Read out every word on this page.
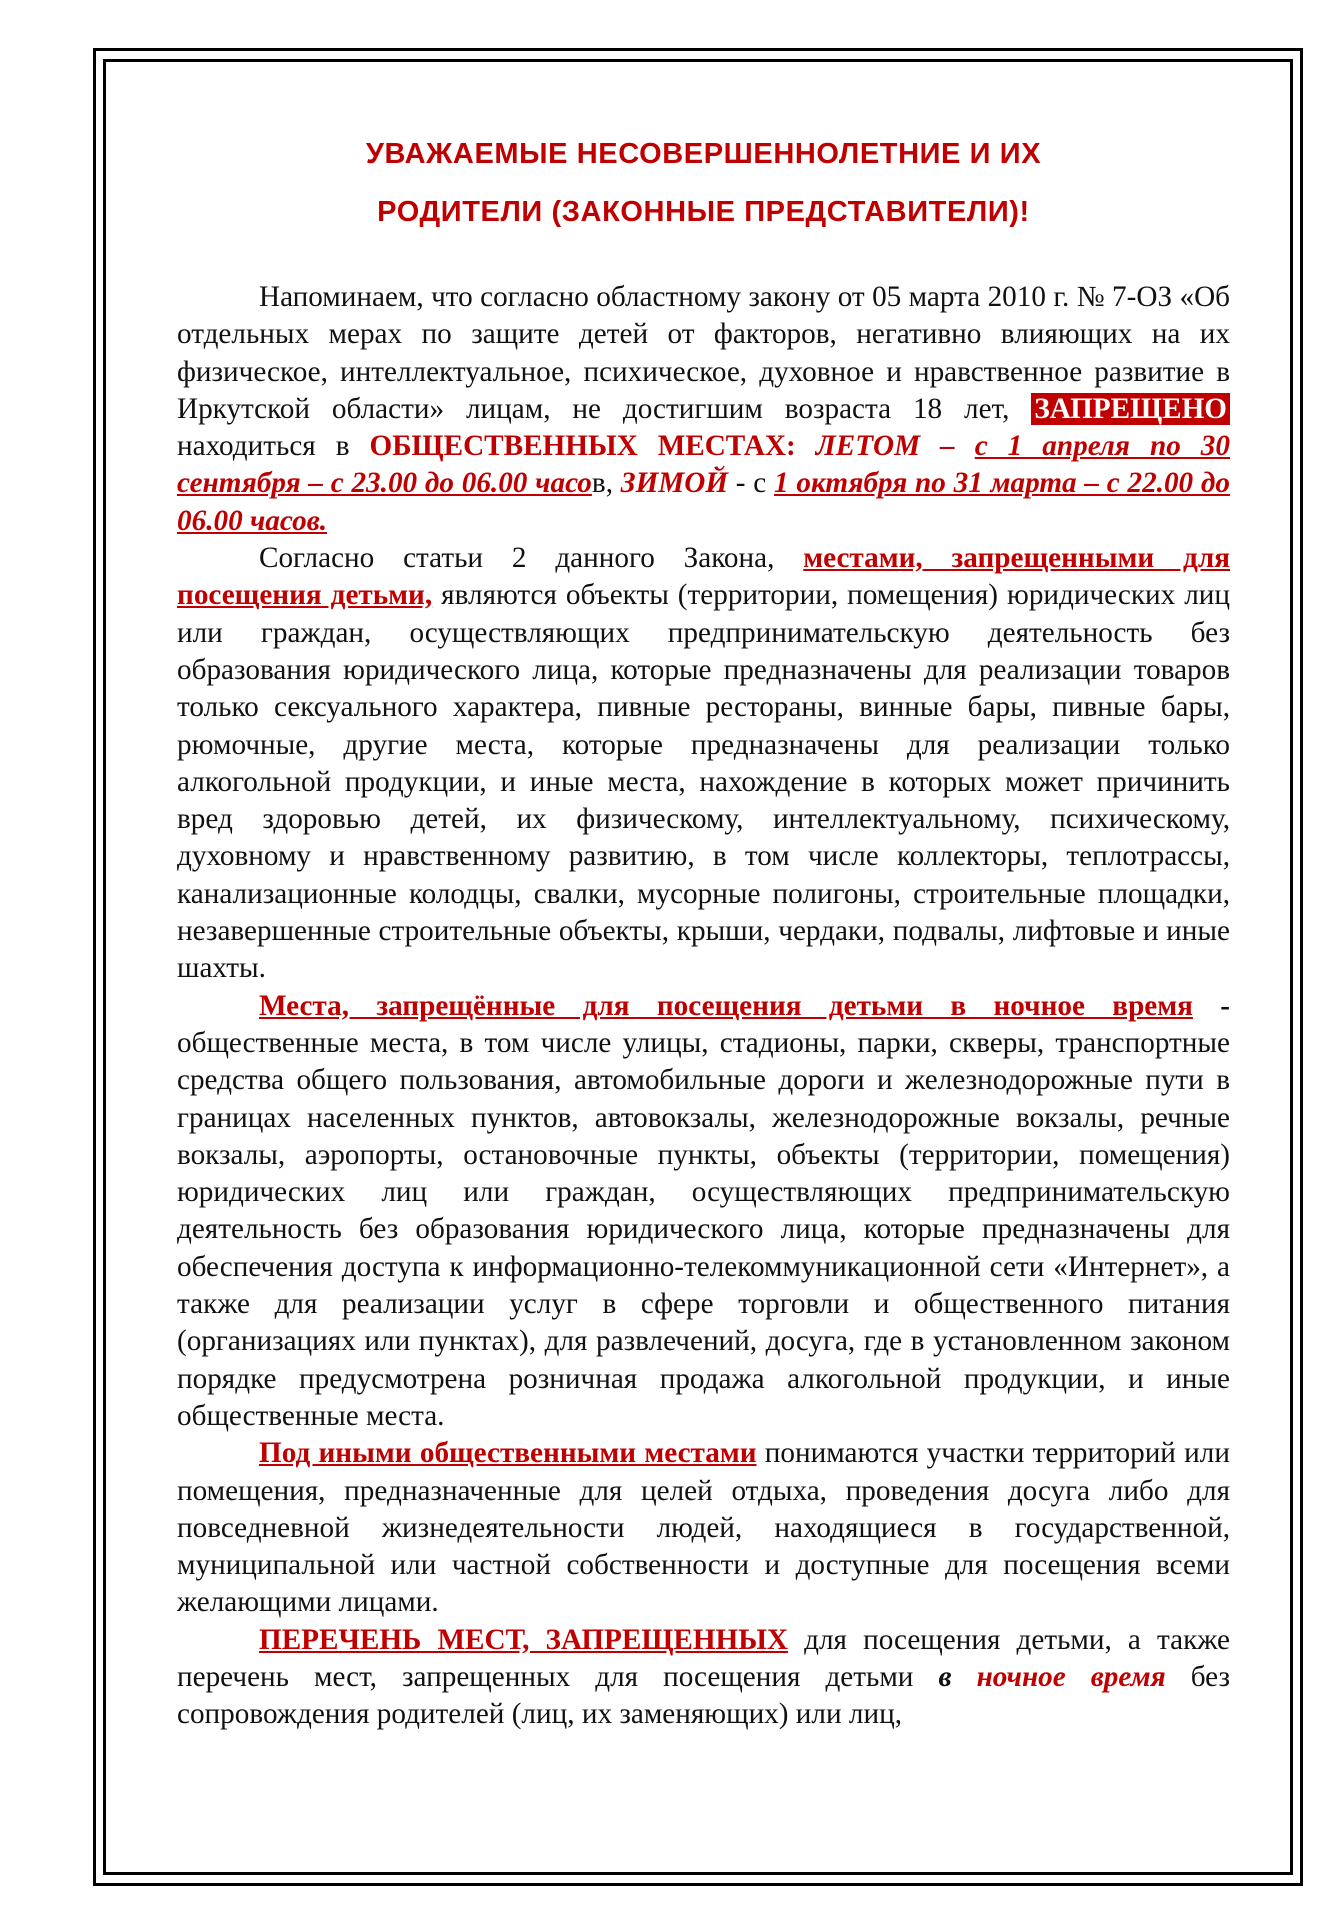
УВАЖАЕМЫЕ НЕСОВЕРШЕННОЛЕТНИЕ И ИХ
РОДИТЕЛИ (ЗАКОННЫЕ ПРЕДСТАВИТЕЛИ)!

Напоминаем, что согласно областному закону от 05 марта 2010 г. № 7-ОЗ «Об отдельных мерах по защите детей от факторов, негативно влияющих на их физическое, интеллектуальное, психическое, духовное и нравственное развитие в Иркутской области» лицам, не достигшим возраста 18 лет, ЗАПРЕЩЕНО находиться в ОБЩЕСТВЕННЫХ МЕСТАХ: ЛЕТОМ – с 1 апреля по 30 сентября – с 23.00 до 06.00 часов, ЗИМОЙ - с 1 октября по 31 марта – с 22.00 до 06.00 часов.

Согласно статьи 2 данного Закона, местами, запрещенными для посещения детьми, являются объекты (территории, помещения) юридических лиц или граждан, осуществляющих предпринимательскую деятельность без образования юридического лица, которые предназначены для реализации товаров только сексуального характера, пивные рестораны, винные бары, пивные бары, рюмочные, другие места, которые предназначены для реализации только алкогольной продукции, и иные места, нахождение в которых может причинить вред здоровью детей, их физическому, интеллектуальному, психическому, духовному и нравственному развитию, в том числе коллекторы, теплотрассы, канализационные колодцы, свалки, мусорные полигоны, строительные площадки, незавершенные строительные объекты, крыши, чердаки, подвалы, лифтовые и иные шахты.

Места, запрещённые для посещения детьми в ночное время - общественные места, в том числе улицы, стадионы, парки, скверы, транспортные средства общего пользования, автомобильные дороги и железнодорожные пути в границах населенных пунктов, автовокзалы, железнодорожные вокзалы, речные вокзалы, аэропорты, остановочные пункты, объекты (территории, помещения) юридических лиц или граждан, осуществляющих предпринимательскую деятельность без образования юридического лица, которые предназначены для обеспечения доступа к информационно-телекоммуникационной сети «Интернет», а также для реализации услуг в сфере торговли и общественного питания (организациях или пунктах), для развлечений, досуга, где в установленном законом порядке предусмотрена розничная продажа алкогольной продукции, и иные общественные места.

Под иными общественными местами понимаются участки территорий или помещения, предназначенные для целей отдыха, проведения досуга либо для повседневной жизнедеятельности людей, находящиеся в государственной, муниципальной или частной собственности и доступные для посещения всеми желающими лицами.

ПЕРЕЧЕНЬ МЕСТ, ЗАПРЕЩЕННЫХ для посещения детьми, а также перечень мест, запрещенных для посещения детьми в ночное время без сопровождения родителей (лиц, их заменяющих) или лиц,
